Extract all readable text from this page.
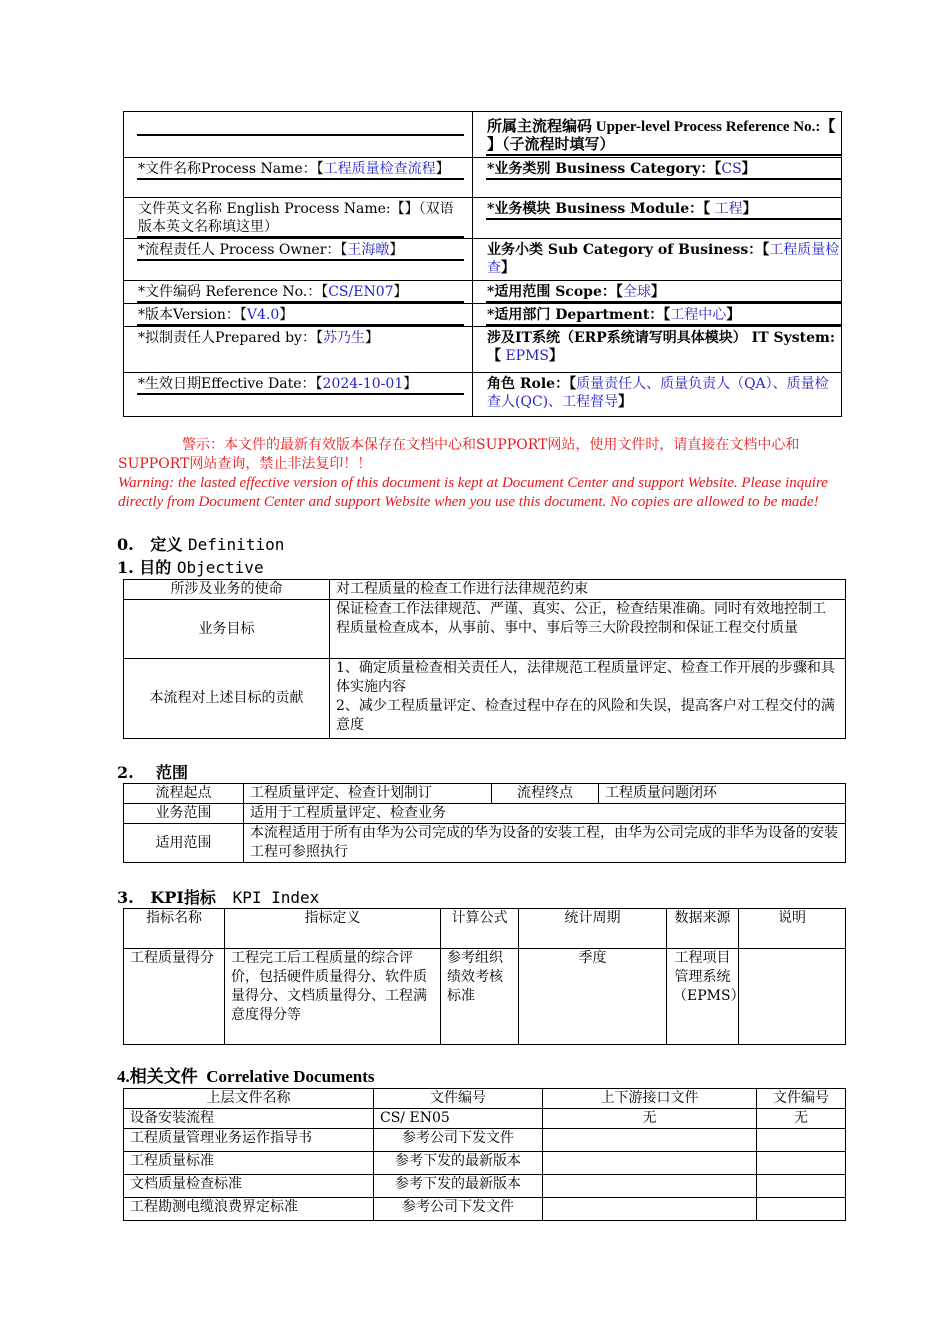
	所属主流程编码 Upper-level Process Reference No.:【 】（子流程时填写）

*文件名称Process Name：【工程质量检查流程】	*业务类别 Business Category：【CS】

文件英文名称 English Process Name:【】（双语版本英文名称填这里）	*业务模块 Business Module：【 工程】

*流程责任人 Process Owner：【王海暾】	业务小类 Sub Category of Business：【工程质量检查】

*文件编码 Reference No.：【CS/EN07】	*适用范围 Scope：【全球】

*版本Version：【V4.0】	*适用部门 Department：【工程中心】

*拟制责任人Prepared by：【苏乃生】	涉及IT系统（ERP系统请写明具体模块） IT System:【 EPMS】

*生效日期Effective Date：【2024-10-01】	角色 Role：【质量责任人、质量负责人（QA）、质量检查人(QC)、工程督导】
警示：本文件的最新有效版本保存在文档中心和SUPPORT网站，使用文件时，请直接在文档中心和SUPPORT网站查询，禁止非法复印！！
Warning: the lasted effective version of this document is kept at Document Center and support Website. Please inquire directly from Document Center and support Website when you use this document. No copies are allowed to be made!
0. 定义 Definition
1. 目的 Objective
所涉及业务的使命	对工程质量的检查工作进行法律规范约束
业务目标	保证检查工作法律规范、严谨、真实、公正，检查结果准确。同时有效地控制工程质量检查成本，从事前、事中、事后等三大阶段控制和保证工程交付质量
本流程对上述目标的贡献	1、确定质量检查相关责任人，法律规范工程质量评定、检查工作开展的步骤和具体实施内容
2、减少工程质量评定、检查过程中存在的风险和失误，提高客户对工程交付的满意度
2. 范围
流程起点	工程质量评定、检查计划制订	流程终点	工程质量问题闭环
业务范围	适用于工程质量评定、检查业务		
适用范围	本流程适用于所有由华为公司完成的华为设备的安装工程，由华为公司完成的非华为设备的安装工程可参照执行		
3. KPI指标 KPI Index
指标名称	指标定义	计算公式	统计周期	数据来源	说明
工程质量得分	工程完工后工程质量的综合评价，包括硬件质量得分、软件质量得分、文档质量得分、工程满意度得分等	参考组织绩效考核标准	季度	工程项目管理系统（EPMS）	
4.相关文件 Correlative Documents
上层文件名称	文件编号	上下游接口文件	文件编号
设备安装流程	CS/ EN05	无	无
工程质量管理业务运作指导书	参考公司下发文件		
工程质量标准	参考下发的最新版本		
文档质量检查标准	参考下发的最新版本		
工程勘测电缆浪费界定标准	参考公司下发文件		
